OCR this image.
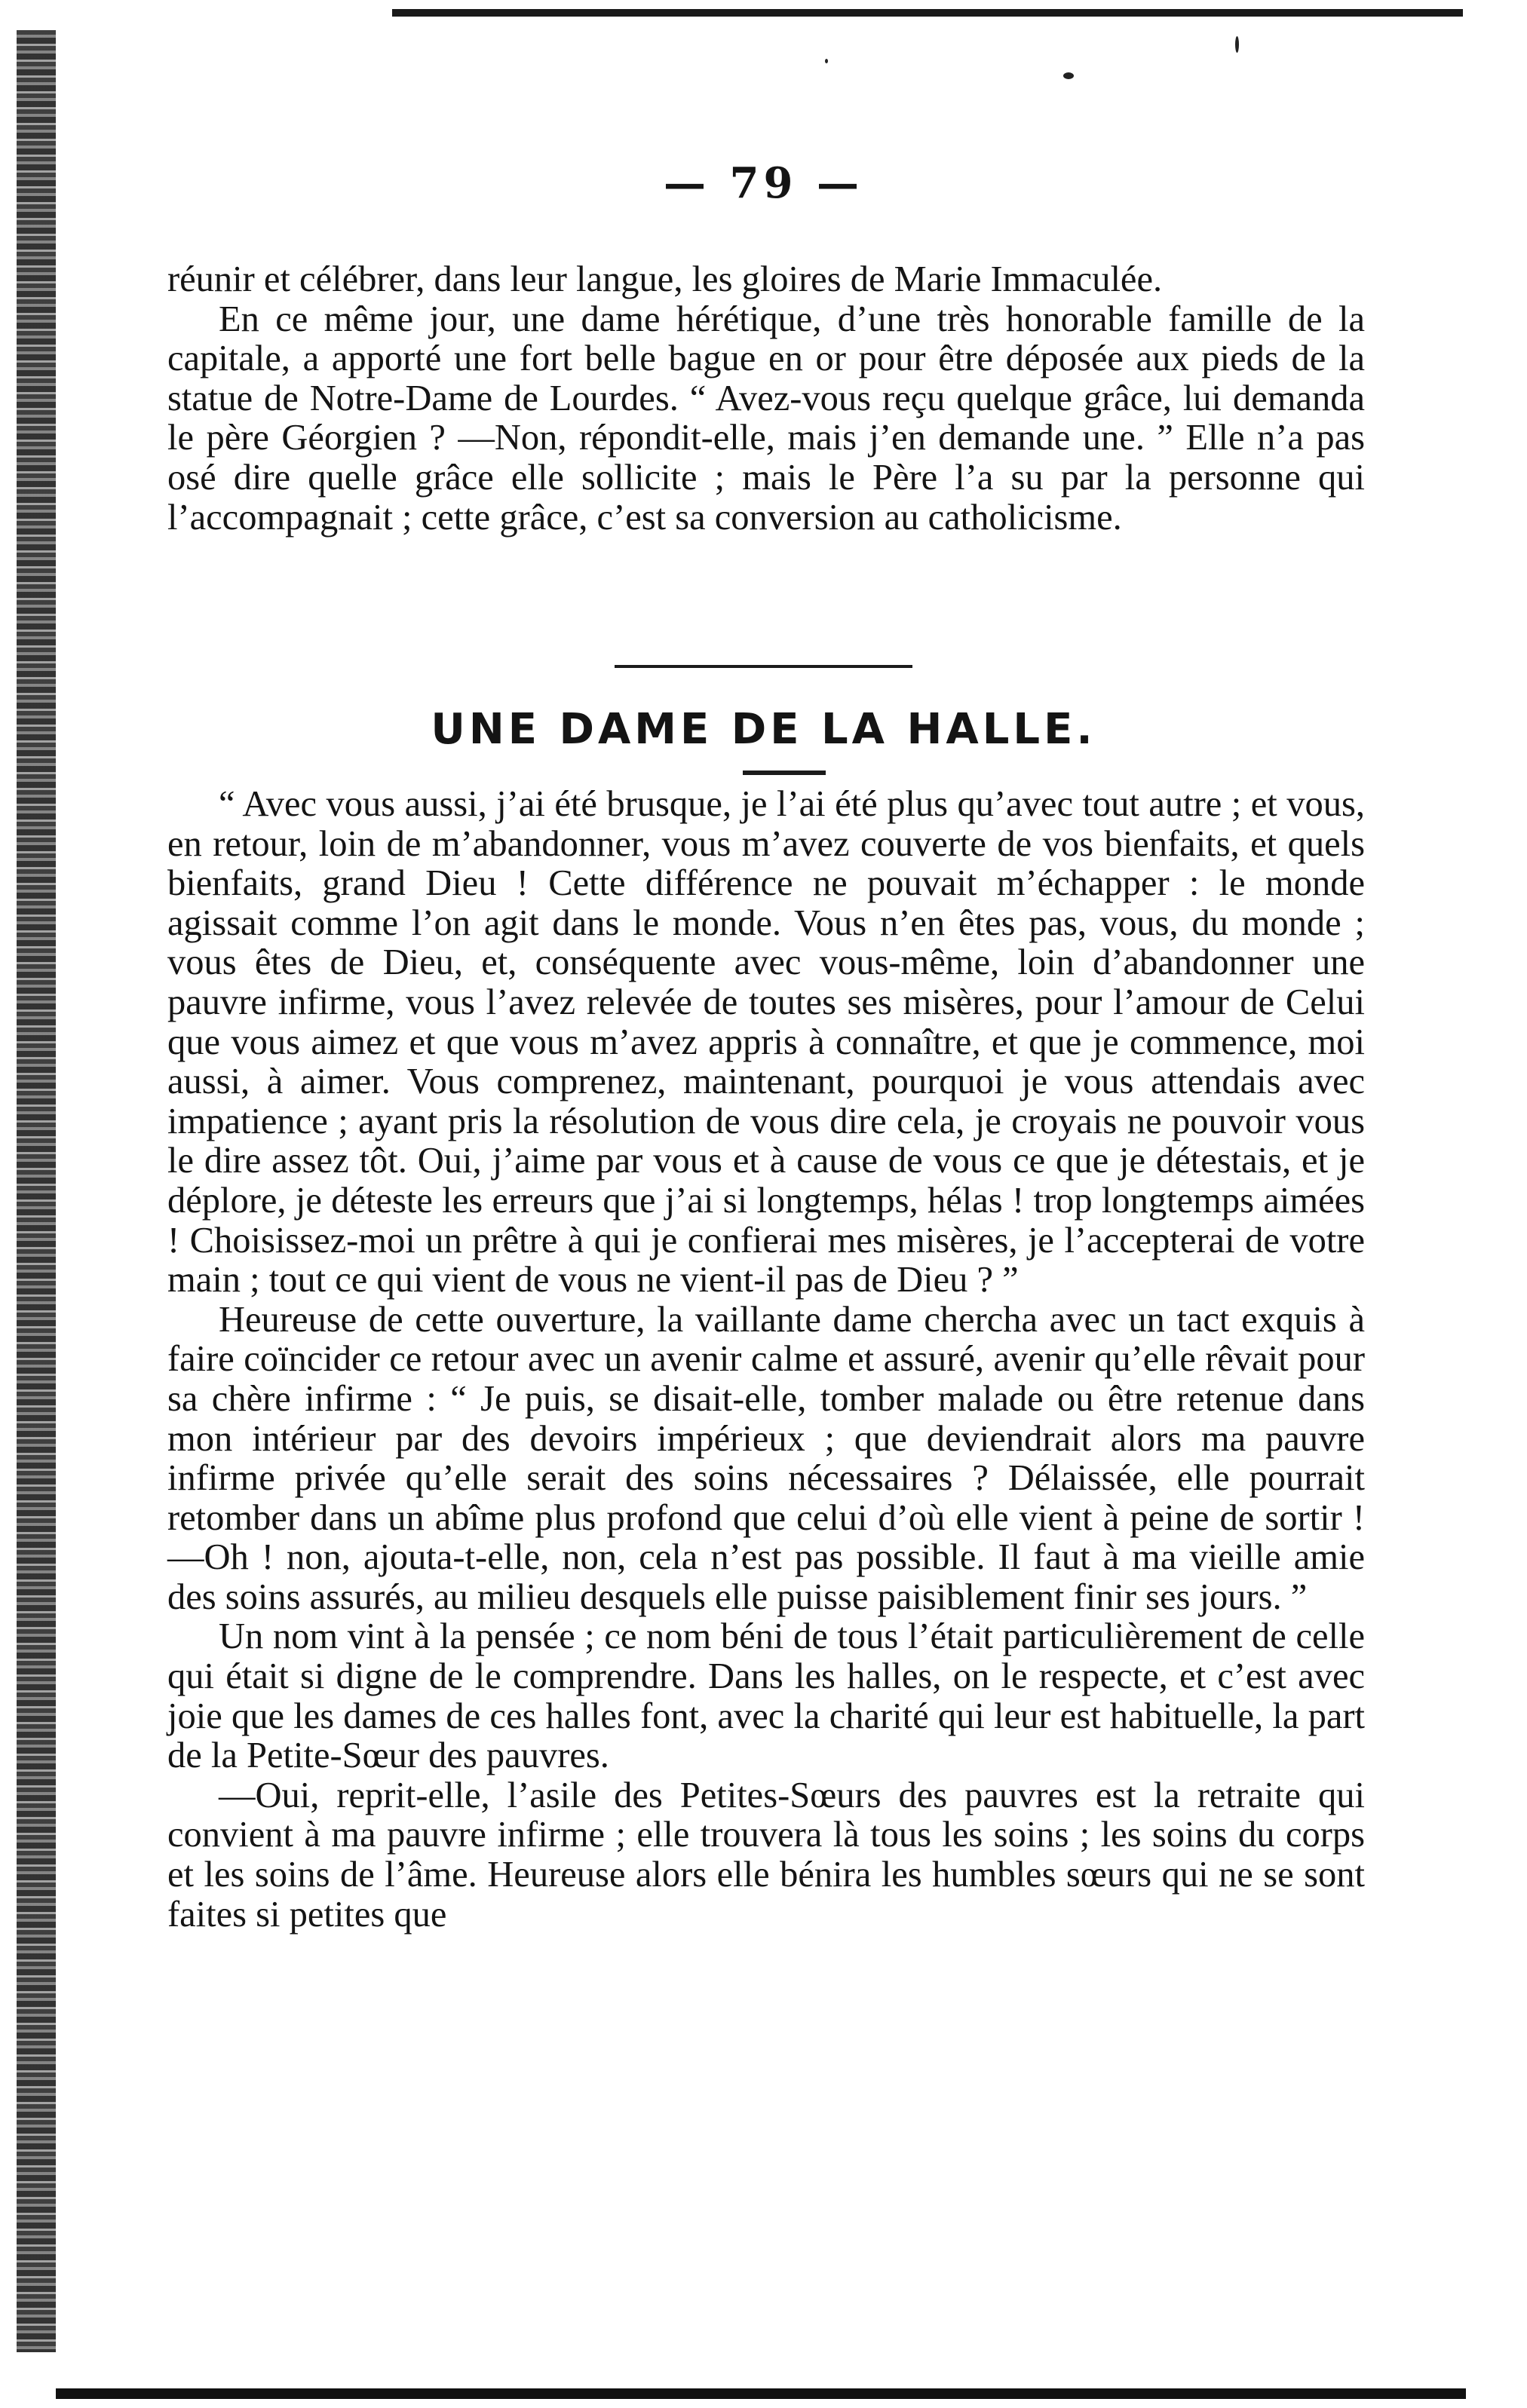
— 79 —

réunir et célébrer, dans leur langue, les gloires de Marie Immaculée.

En ce même jour, une dame hérétique, d’une très honorable famille de la capitale, a apporté une fort belle bague en or pour être déposée aux pieds de la statue de Notre-Dame de Lourdes. “ Avez-vous reçu quelque grâce, lui demanda le père Géorgien ? —Non, répondit-elle, mais j’en demande une. ” Elle n’a pas osé dire quelle grâce elle sollicite ; mais le Père l’a su par la personne qui l’accompagnait ; cette grâce, c’est sa conversion au catholicisme.

UNE DAME DE LA HALLE.

“ Avec vous aussi, j’ai été brusque, je l’ai été plus qu’avec tout autre ; et vous, en retour, loin de m’abandonner, vous m’avez couverte de vos bienfaits, et quels bienfaits, grand Dieu ! Cette différence ne pouvait m’échapper : le monde agissait comme l’on agit dans le monde. Vous n’en êtes pas, vous, du monde ; vous êtes de Dieu, et, conséquente avec vous-même, loin d’abandonner une pauvre infirme, vous l’avez relevée de toutes ses misères, pour l’amour de Celui que vous aimez et que vous m’avez appris à connaître, et que je commence, moi aussi, à aimer. Vous comprenez, maintenant, pourquoi je vous attendais avec impatience ; ayant pris la résolution de vous dire cela, je croyais ne pouvoir vous le dire assez tôt. Oui, j’aime par vous et à cause de vous ce que je détestais, et je déplore, je déteste les erreurs que j’ai si longtemps, hélas ! trop longtemps aimées ! Choisissez-moi un prêtre à qui je confierai mes misères, je l’accepterai de votre main ; tout ce qui vient de vous ne vient-il pas de Dieu ? ”

Heureuse de cette ouverture, la vaillante dame chercha avec un tact exquis à faire coïncider ce retour avec un avenir calme et assuré, avenir qu’elle rêvait pour sa chère infirme : “ Je puis, se disait-elle, tomber malade ou être retenue dans mon intérieur par des devoirs impérieux ; que deviendrait alors ma pauvre infirme privée qu’elle serait des soins nécessaires ? Délaissée, elle pourrait retomber dans un abîme plus profond que celui d’où elle vient à peine de sortir ! —Oh ! non, ajouta-t-elle, non, cela n’est pas possible. Il faut à ma vieille amie des soins assurés, au milieu desquels elle puisse paisiblement finir ses jours. ”

Un nom vint à la pensée ; ce nom béni de tous l’était particulièrement de celle qui était si digne de le comprendre. Dans les halles, on le respecte, et c’est avec joie que les dames de ces halles font, avec la charité qui leur est habituelle, la part de la Petite-Sœur des pauvres.

—Oui, reprit-elle, l’asile des Petites-Sœurs des pauvres est la retraite qui convient à ma pauvre infirme ; elle trouvera là tous les soins ; les soins du corps et les soins de l’âme. Heureuse alors elle bénira les humbles sœurs qui ne se sont faites si petites que
